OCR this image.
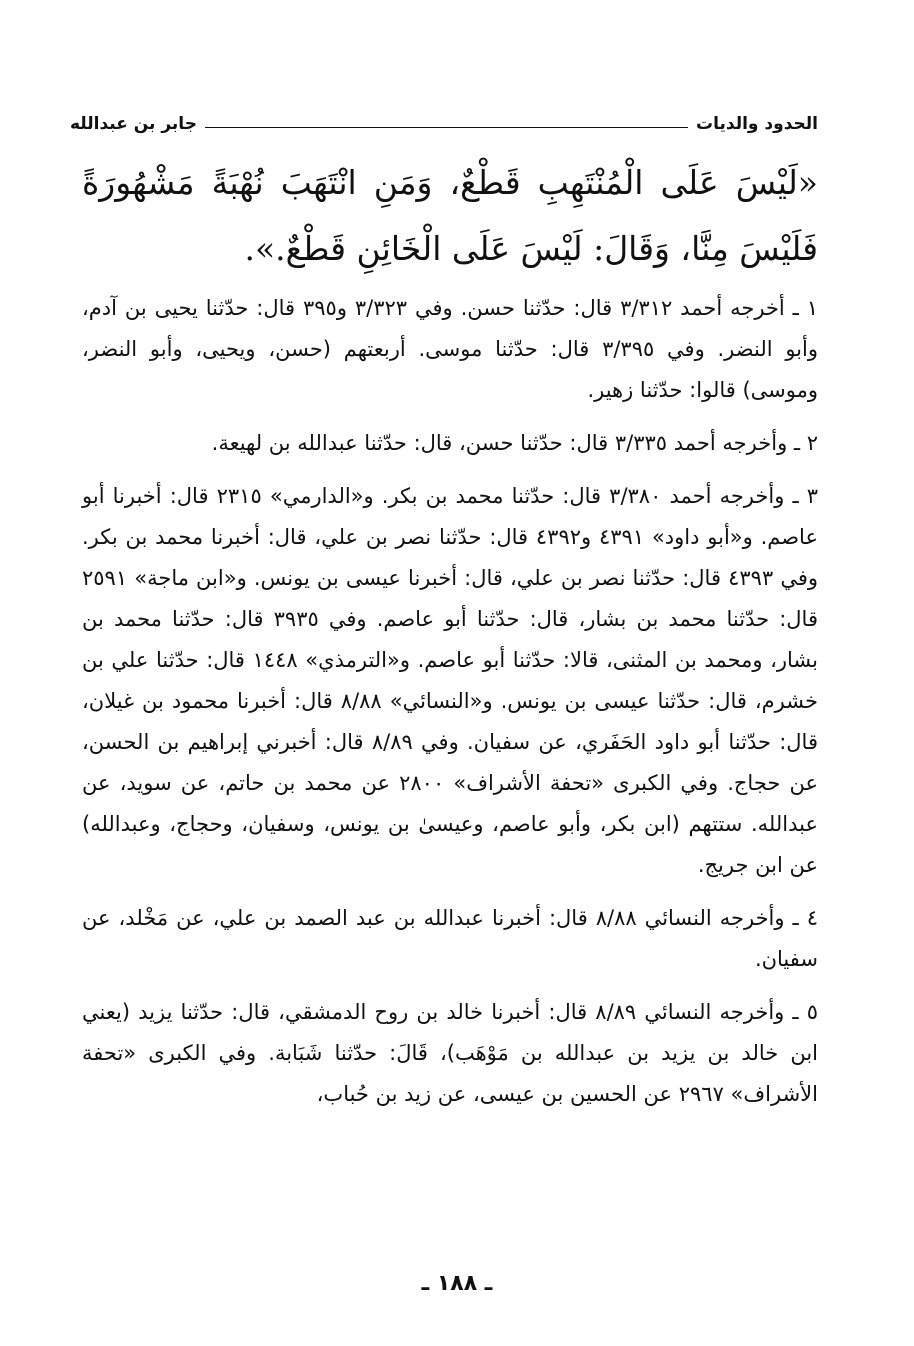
الحدود والديات
جابر بن عبدالله

«لَيْسَ عَلَى الْمُنْتَهِبِ قَطْعٌ، وَمَنِ انْتَهَبَ نُهْبَةً مَشْهُورَةً فَلَيْسَ مِنَّا، وَقَالَ: لَيْسَ عَلَى الْخَائِنِ قَطْعٌ.».

١ ـ أخرجه أحمد ٣/٣١٢ قال: حدّثنا حسن. وفي ٣/٣٢٣ و٣٩٥ قال: حدّثنا يحيى بن آدم، وأبو النضر. وفي ٣/٣٩٥ قال: حدّثنا موسى. أربعتهم (حسن، ويحيى، وأبو النضر، وموسى) قالوا: حدّثنا زهير.

٢ ـ وأخرجه أحمد ٣/٣٣٥ قال: حدّثنا حسن، قال: حدّثنا عبدالله بن لهيعة.

٣ ـ وأخرجه أحمد ٣/٣٨٠ قال: حدّثنا محمد بن بكر. و«الدارمي» ٢٣١٥ قال: أخبرنا أبو عاصم. و«أبو داود» ٤٣٩١ و٤٣٩٢ قال: حدّثنا نصر بن علي، قال: أخبرنا محمد بن بكر. وفي ٤٣٩٣ قال: حدّثنا نصر بن علي، قال: أخبرنا عيسى بن يونس. و«ابن ماجة» ٢٥٩١ قال: حدّثنا محمد بن بشار، قال: حدّثنا أبو عاصم. وفي ٣٩٣٥ قال: حدّثنا محمد بن بشار، ومحمد بن المثنى، قالا: حدّثنا أبو عاصم. و«الترمذي» ١٤٤٨ قال: حدّثنا علي بن خشرم، قال: حدّثنا عيسى بن يونس. و«النسائي» ٨/٨٨ قال: أخبرنا محمود بن غيلان، قال: حدّثنا أبو داود الحَفَري، عن سفيان. وفي ٨/٨٩ قال: أخبرني إبراهيم بن الحسن، عن حجاج. وفي الكبرى «تحفة الأشراف» ٢٨٠٠ عن محمد بن حاتم، عن سويد، عن عبدالله. ستتهم (ابن بكر، وأبو عاصم، وعيسىٰ بن يونس، وسفيان، وحجاج، وعبدالله) عن ابن جريج.

٤ ـ وأخرجه النسائي ٨/٨٨ قال: أخبرنا عبدالله بن عبد الصمد بن علي، عن مَخْلد، عن سفيان.

٥ ـ وأخرجه النسائي ٨/٨٩ قال: أخبرنا خالد بن روح الدمشقي، قال: حدّثنا يزيد (يعني ابن خالد بن يزيد بن عبدالله بن مَوْهَب)، قَالَ: حدّثنا شَبَابة. وفي الكبرى «تحفة الأشراف» ٢٩٦٧ عن الحسين بن عيسى، عن زيد بن حُباب،

ـ ١٨٨ ـ
